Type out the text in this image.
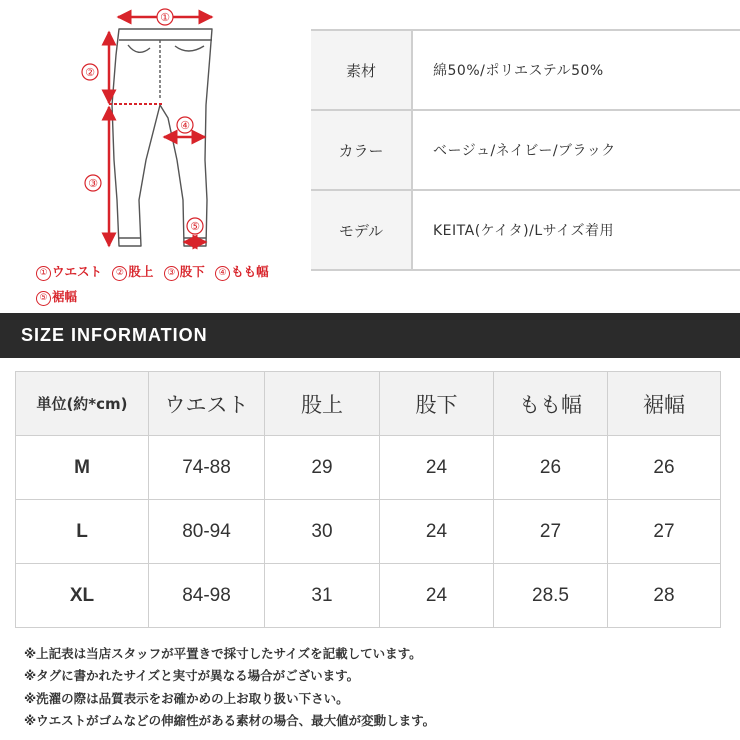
①
②
③
④
⑤
① ウエスト ② 股上 ③ 股下 ④ もも幅
⑤ 裾幅
素材	綿50%/ポリエステル50%
カラー	ベージュ/ネイビー/ブラック
モデル	KEITA(ケイタ)/Lサイズ着用
SIZE INFORMATION
単位(約*cm)	ウエスト	股上	股下	もも幅	裾幅
M	74-88	29	24	26	26
L	80-94	30	24	27	27
XL	84-98	31	24	28.5	28
※上記表は当店スタッフが平置きで採寸したサイズを記載しています。
※タグに書かれたサイズと実寸が異なる場合がございます。
※洗濯の際は品質表示をお確かめの上お取り扱い下さい。
※ウエストがゴムなどの伸縮性がある素材の場合、最大値が変動します。
